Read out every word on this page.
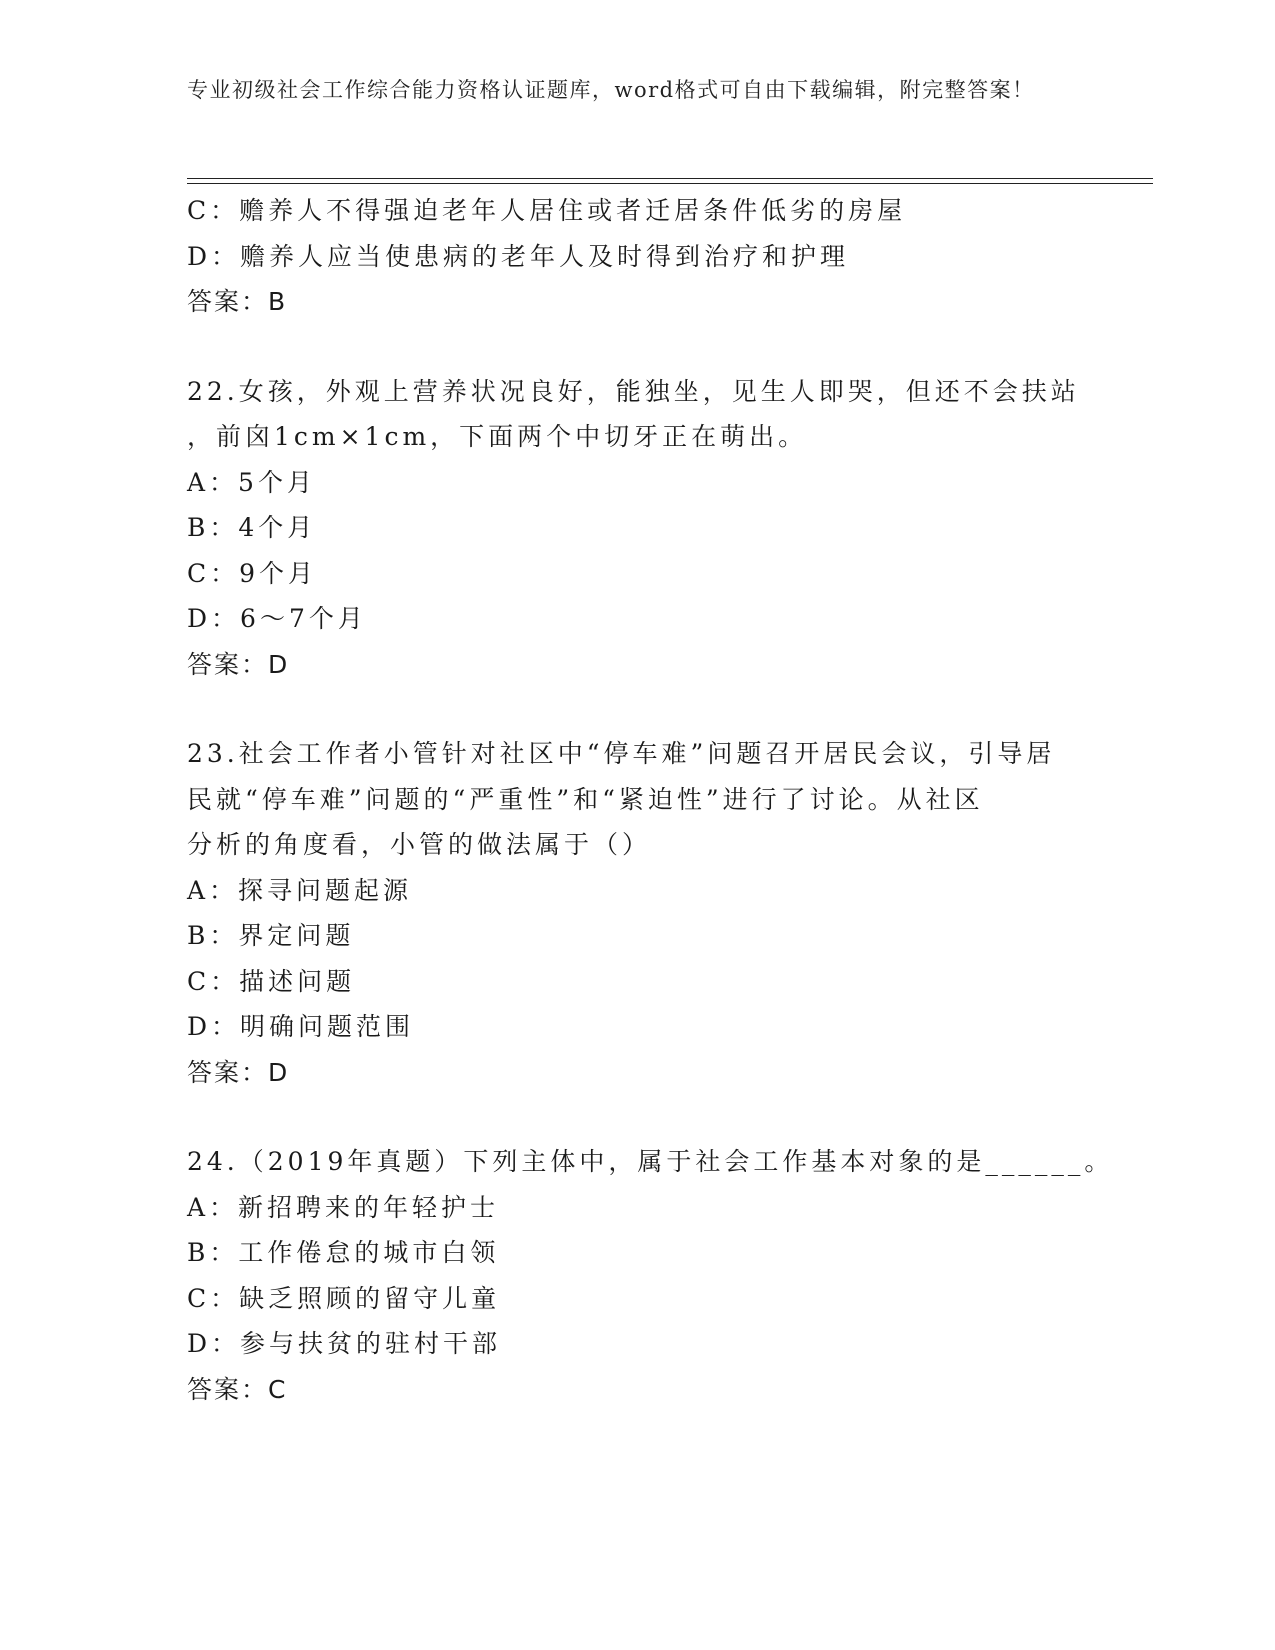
专业初级社会工作综合能力资格认证题库，word格式可自由下载编辑，附完整答案！
C：赡养人不得强迫老年人居住或者迁居条件低劣的房屋
D：赡养人应当使患病的老年人及时得到治疗和护理
答案：B
22.女孩，外观上营养状况良好，能独坐，见生人即哭，但还不会扶站
，前囟1cm×1cm，下面两个中切牙正在萌出。
A：5个月
B：4个月
C：9个月
D：6～7个月
答案：D
23.社会工作者小管针对社区中“停车难”问题召开居民会议，引导居
民就“停车难”问题的“严重性”和“紧迫性”进行了讨论。从社区
分析的角度看，小管的做法属于（）
A：探寻问题起源
B：界定问题
C：描述问题
D：明确问题范围
答案：D
24.（2019年真题）下列主体中，属于社会工作基本对象的是______。
A：新招聘来的年轻护士
B：工作倦怠的城市白领
C：缺乏照顾的留守儿童
D：参与扶贫的驻村干部
答案：C
